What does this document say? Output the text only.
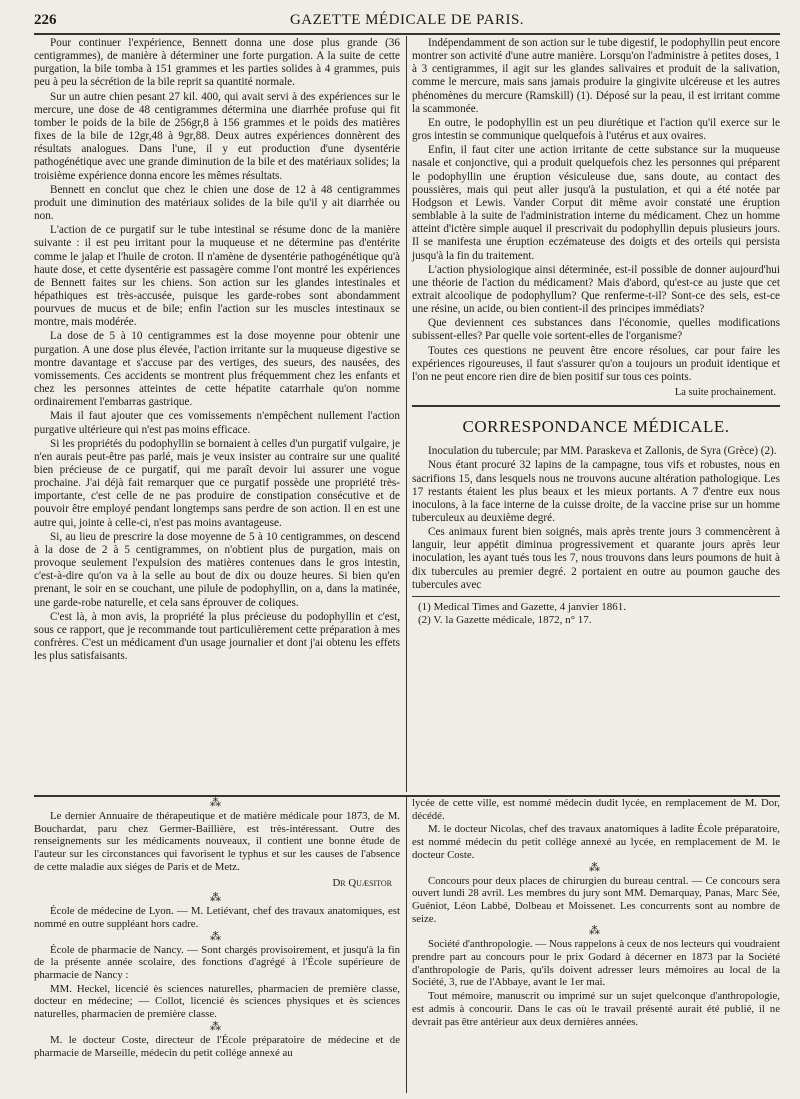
226	GAZETTE MÉDICALE DE PARIS.

Pour continuer l'expérience, Bennett donna une dose plus grande (36 centigrammes), de manière à déterminer une forte purgation. A la suite de cette purgation, la bile tomba à 151 grammes et les parties solides à 4 grammes, puis peu à peu la sécrétion de la bile reprit sa quantité normale.

Sur un autre chien pesant 27 kil. 400, qui avait servi à des expériences sur le mercure, une dose de 48 centigrammes détermina une diarrhée profuse qui fit tomber le poids de la bile de 256gr,8 à 156 grammes et le poids des matières fixes de la bile de 12gr,48 à 9gr,88. Deux autres expériences donnèrent des résultats analogues. Dans l'une, il y eut production d'une dysentérie pathogénétique avec une grande diminution de la bile et des matériaux solides; la troisième expérience donna encore les mêmes résultats.

Bennett en conclut que chez le chien une dose de 12 à 48 centigrammes produit une diminution des matériaux solides de la bile qu'il y ait diarrhée ou non.

L'action de ce purgatif sur le tube intestinal se résume donc de la manière suivante : il est peu irritant pour la muqueuse et ne détermine pas d'entérite comme le jalap et l'huile de croton. Il n'amène de dysentérie pathogénétique qu'à haute dose, et cette dysentérie est passagère comme l'ont montré les expériences de Bennett faites sur les chiens. Son action sur les glandes intestinales et hépathiques est très-accusée, puisque les garde-robes sont abondamment pourvues de mucus et de bile; enfin l'action sur les muscles intestinaux se montre, mais modérée.

La dose de 5 à 10 centigrammes est la dose moyenne pour obtenir une purgation. A une dose plus élevée, l'action irritante sur la muqueuse digestive se montre davantage et s'accuse par des vertiges, des sueurs, des nausées, des vomissements. Ces accidents se montrent plus fréquemment chez les enfants et chez les personnes atteintes de cette hépatite catarrhale qu'on nomme ordinairement l'embarras gastrique.

Mais il faut ajouter que ces vomissements n'empêchent nullement l'action purgative ultérieure qui n'est pas moins efficace.

Si les propriétés du podophyllin se bornaient à celles d'un purgatif vulgaire, je n'en aurais peut-être pas parlé, mais je veux insister au contraire sur une qualité bien précieuse de ce purgatif, qui me paraît devoir lui assurer une vogue prochaine. J'ai déjà fait remarquer que ce purgatif possède une propriété très-importante, c'est celle de ne pas produire de constipation consécutive et de pouvoir être employé pendant longtemps sans perdre de son action. Il en est une autre qui, jointe à celle-ci, n'est pas moins avantageuse.

Si, au lieu de prescrire la dose moyenne de 5 à 10 centigrammes, on descend à la dose de 2 à 5 centigrammes, on n'obtient plus de purgation, mais on provoque seulement l'expulsion des matières contenues dans le gros intestin, c'est-à-dire qu'on va à la selle au bout de dix ou douze heures. Si bien qu'en prenant, le soir en se couchant, une pilule de podophyllin, on a, dans la matinée, une garde-robe naturelle, et cela sans éprouver de coliques.

C'est là, à mon avis, la propriété la plus précieuse du podophyllin et c'est, sous ce rapport, que je recommande tout particulièrement cette préparation à mes confrères. C'est un médicament d'un usage journalier et dont j'ai obtenu les effets les plus satisfaisants.

Indépendamment de son action sur le tube digestif, le podophyllin peut encore montrer son activité d'une autre manière. Lorsqu'on l'administre à petites doses, 1 à 3 centigrammes, il agit sur les glandes salivaires et produit de la salivation, comme le mercure, mais sans jamais produire la gingivite ulcéreuse et les autres phénomènes du mercure (Ramskill) (1). Déposé sur la peau, il est irritant comme la scammonée.

En outre, le podophyllin est un peu diurétique et l'action qu'il exerce sur le gros intestin se communique quelquefois à l'utérus et aux ovaires.

Enfin, il faut citer une action irritante de cette substance sur la muqueuse nasale et conjonctive, qui a produit quelquefois chez les personnes qui préparent le podophyllin une éruption vésiculeuse due, sans doute, au contact des poussières, mais qui peut aller jusqu'à la pustulation, et qui a été notée par Hodgson et Lewis. Vander Corput dit même avoir constaté une éruption semblable à la suite de l'administration interne du médicament. Chez un homme atteint d'ictère simple auquel il prescrivait du podophyllin depuis plusieurs jours. Il se manifesta une éruption eczémateuse des doigts et des orteils qui persista jusqu'à la fin du traitement.

L'action physiologique ainsi déterminée, est-il possible de donner aujourd'hui une théorie de l'action du médicament? Mais d'abord, qu'est-ce au juste que cet extrait alcoolique de podophyllum? Que renferme-t-il? Sont-ce des sels, est-ce une résine, un acide, ou bien contient-il des principes immédiats?

Que deviennent ces substances dans l'économie, quelles modifications subissent-elles? Par quelle voie sortent-elles de l'organisme?

Toutes ces questions ne peuvent être encore résolues, car pour faire les expériences rigoureuses, il faut s'assurer qu'on a toujours un produit identique et l'on ne peut encore rien dire de bien positif sur tous ces points.

La suite prochainement.

CORRESPONDANCE MÉDICALE.

Inoculation du tubercule; par MM. Paraskeva et Zallonis, de Syra (Grèce) (2).

Nous étant procuré 32 lapins de la campagne, tous vifs et robustes, nous en sacrifions 15, dans lesquels nous ne trouvons aucune altération pathologique. Les 17 restants étaient les plus beaux et les mieux portants. A 7 d'entre eux nous inoculons, à la face interne de la cuisse droite, de la vaccine prise sur un homme tuberculeux au deuxième degré.

Ces animaux furent bien soignés, mais après trente jours 3 commencèrent à languir, leur appétit diminua progressivement et quarante jours après leur inoculation, les ayant tués tous les 7, nous trouvons dans leurs poumons de huit à dix tubercules au premier degré. 2 portaient en outre au poumon gauche des tubercules avec

(1) Medical Times and Gazette, 4 janvier 1861.
(2) V. la Gazette médicale, 1872, n° 17.

⁂

Le dernier Annuaire de thérapeutique et de matière médicale pour 1873, de M. Bouchardat, paru chez Germer-Baillière, est très-intéressant. Outre des renseignements sur les médicaments nouveaux, il contient une bonne étude de l'auteur sur les circonstances qui favorisent le typhus et sur les causes de l'absence de cette maladie aux siéges de Paris et de Metz.

Dr Quæsitor

⁂

École de médecine de Lyon. — M. Letiévant, chef des travaux anatomiques, est nommé en outre suppléant hors cadre.

⁂

École de pharmacie de Nancy. — Sont chargés provisoirement, et jusqu'à la fin de la présente année scolaire, des fonctions d'agrégé à l'École supérieure de pharmacie de Nancy :

MM. Heckel, licencié ès sciences naturelles, pharmacien de première classe, docteur en médecine; — Collot, licencié ès sciences physiques et ès sciences naturelles, pharmacien de première classe.

⁂

M. le docteur Coste, directeur de l'École préparatoire de médecine et de pharmacie de Marseille, médecin du petit collége annexé au

lycée de cette ville, est nommé médecin dudit lycée, en remplacement de M. Dor, décédé.

M. le docteur Nicolas, chef des travaux anatomiques à ladite École préparatoire, est nommé médecin du petit collége annexé au lycée, en remplacement de M. le docteur Coste.

⁂

Concours pour deux places de chirurgien du bureau central. — Ce concours sera ouvert lundi 28 avril. Les membres du jury sont MM. Demarquay, Panas, Marc Sée, Guéniot, Léon Labbé, Dolbeau et Moissenet. Les concurrents sont au nombre de seize.

⁂

Société d'anthropologie. — Nous rappelons à ceux de nos lecteurs qui voudraient prendre part au concours pour le prix Godard à décerner en 1873 par la Société d'anthropologie de Paris, qu'ils doivent adresser leurs mémoires au local de la Société, 3, rue de l'Abbaye, avant le 1er mai.

Tout mémoire, manuscrit ou imprimé sur un sujet quelconque d'anthropologie, est admis à concourir. Dans le cas où le travail présenté aurait été publié, il ne devrait pas être antérieur aux deux dernières années.
